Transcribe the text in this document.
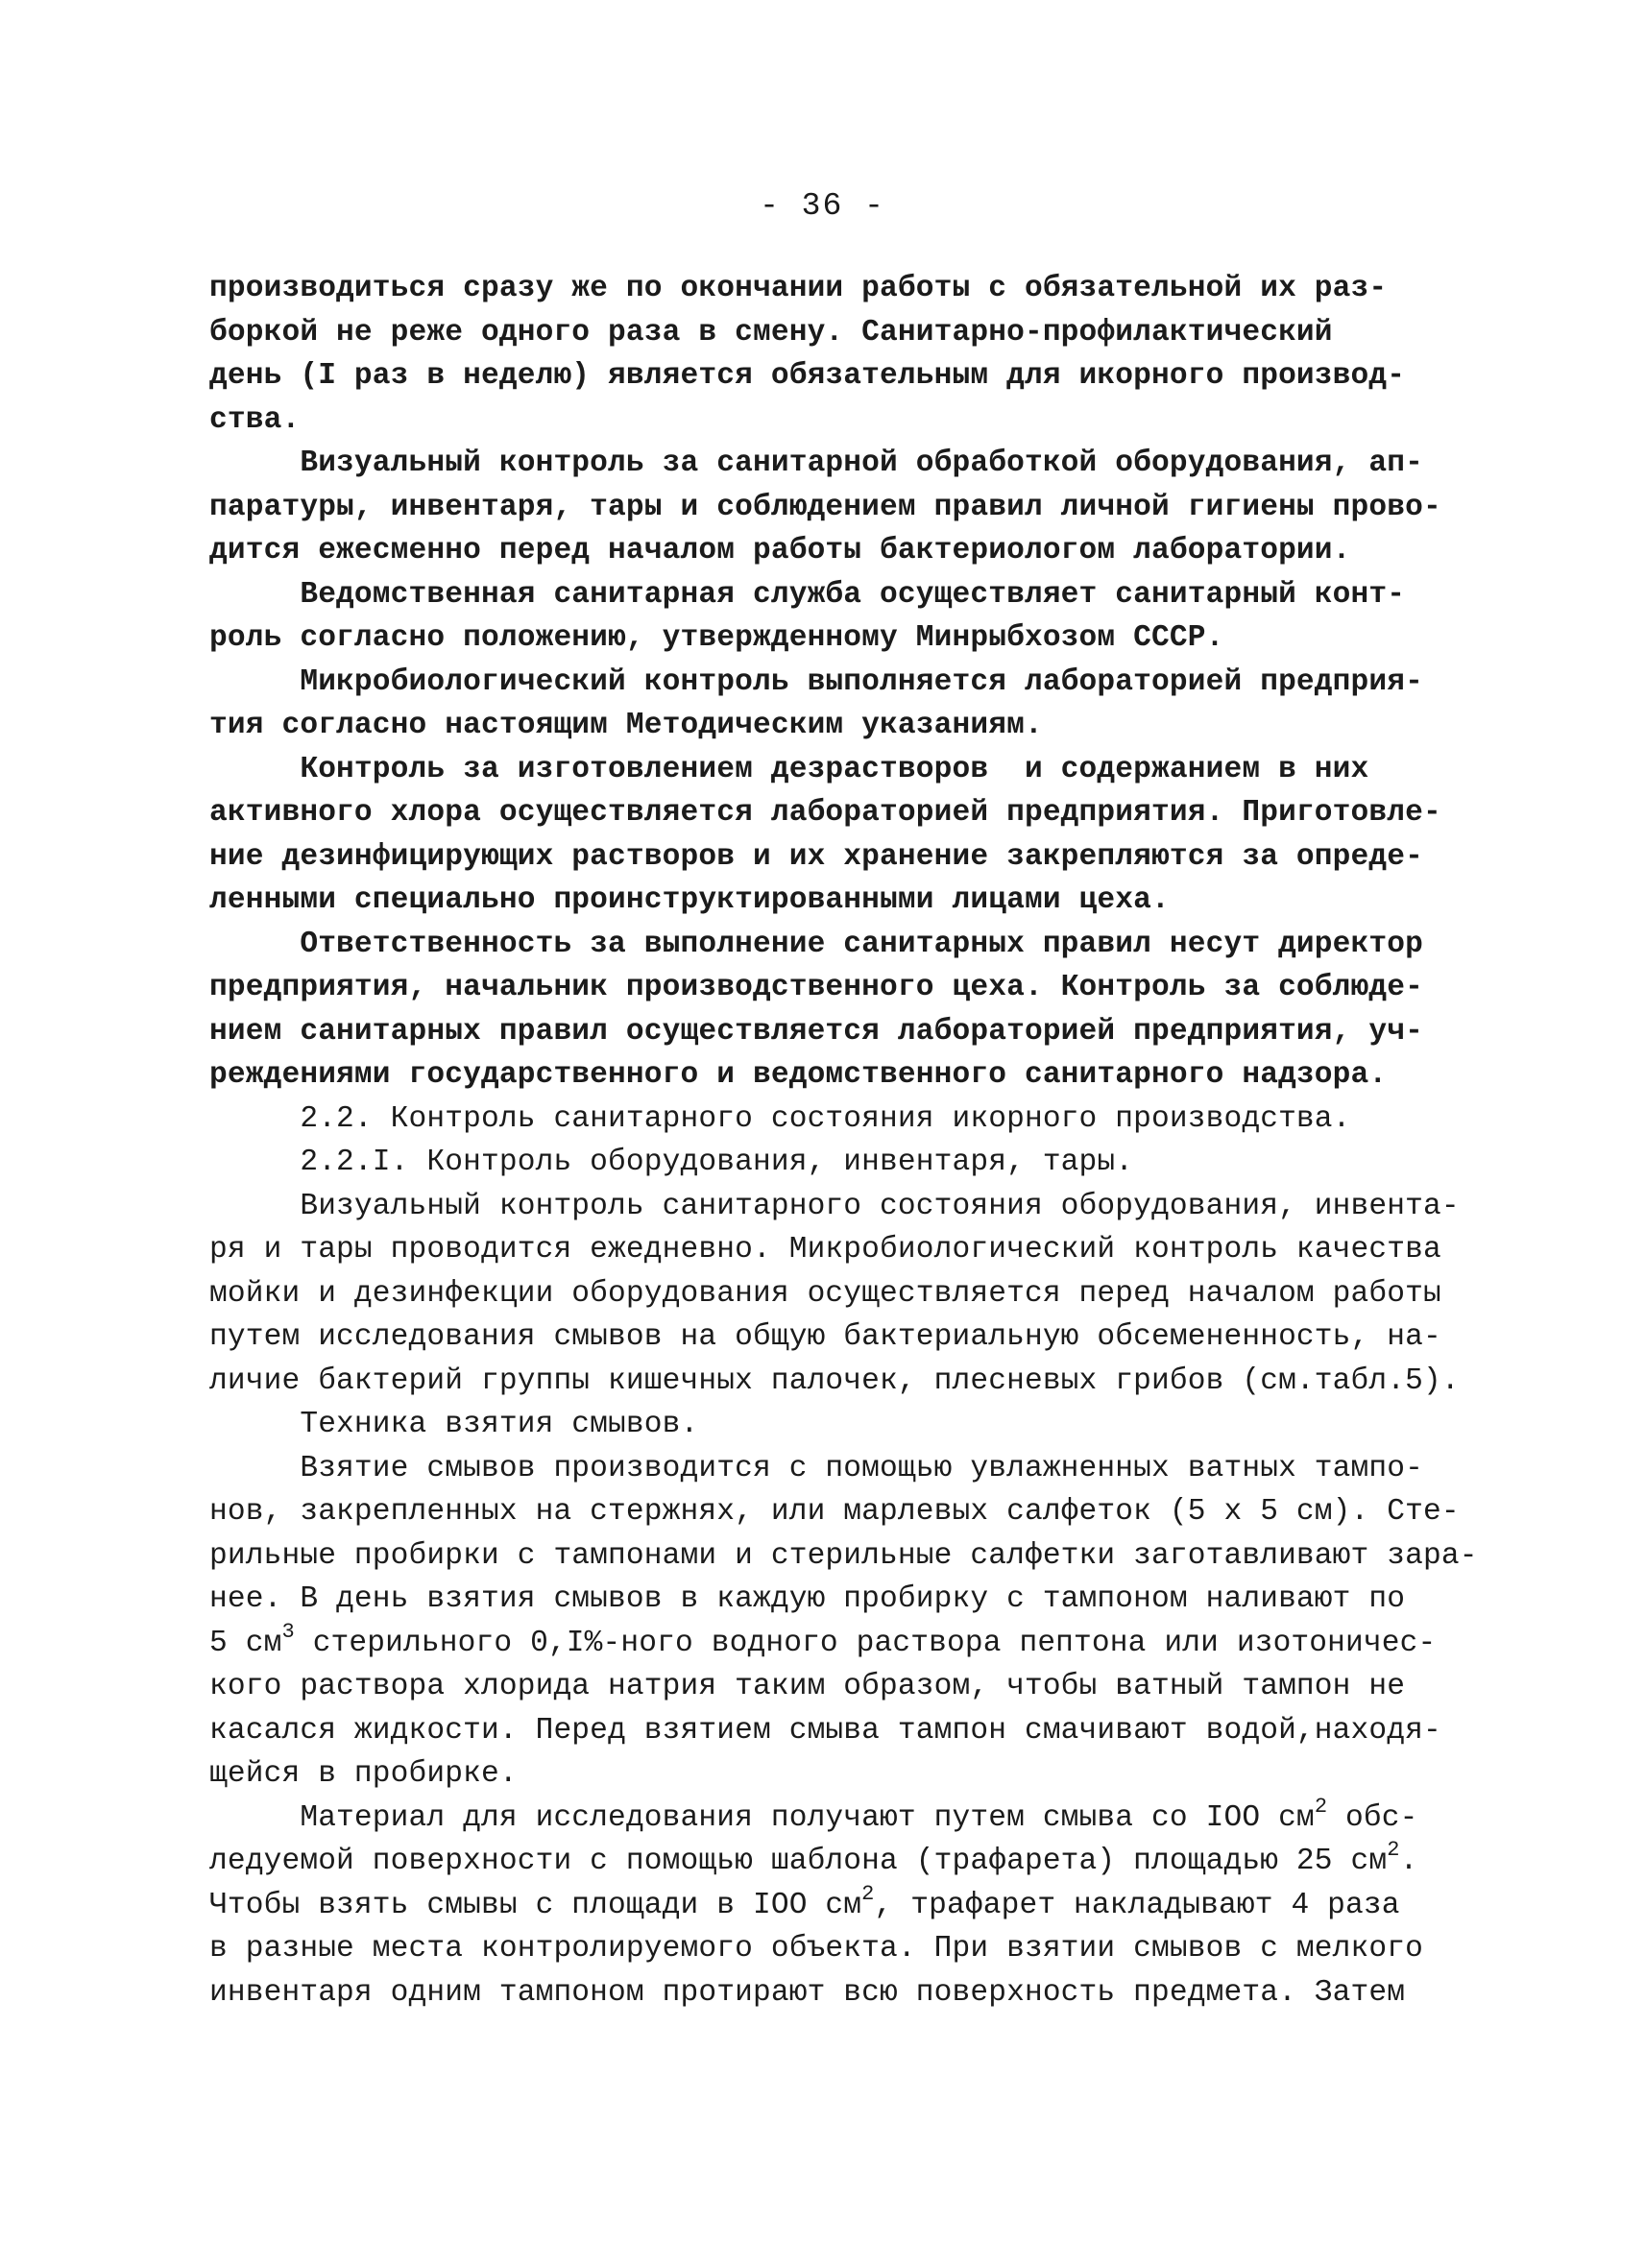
- 36 -
производиться сразу же по окончании работы с обязательной их раз-
боркой не реже одного раза в смену. Санитарно-профилактический
день (I раз в неделю) является обязательным для икорного производ-
ства.
Визуальный контроль за санитарной обработкой оборудования, ап-
паратуры, инвентаря, тары и соблюдением правил личной гигиены прово-
дится ежесменно перед началом работы бактериологом лаборатории.
Ведомственная санитарная служба осуществляет санитарный конт-
роль согласно положению, утвержденному Минрыбхозом СССР.
Микробиологический контроль выполняется лабораторией предприя-
тия согласно настоящим Методическим указаниям.
Контроль за изготовлением дезрастворов  и содержанием в них
активного хлора осуществляется лабораторией предприятия. Приготовле-
ние дезинфицирующих растворов и их хранение закрепляются за опреде-
ленными специально проинструктированными лицами цеха.
Ответственность за выполнение санитарных правил несут директор
предприятия, начальник производственного цеха. Контроль за соблюде-
нием санитарных правил осуществляется лабораторией предприятия, уч-
реждениями государственного и ведомственного санитарного надзора.
2.2. Контроль санитарного состояния икорного производства.
2.2.I. Контроль оборудования, инвентаря, тары.
Визуальный контроль санитарного состояния оборудования, инвента-
ря и тары проводится ежедневно. Микробиологический контроль качества
мойки и дезинфекции оборудования осуществляется перед началом работы
путем исследования смывов на общую бактериальную обсемененность, на-
личие бактерий группы кишечных палочек, плесневых грибов (см.табл.5).
Техника взятия смывов.
Взятие смывов производится с помощью увлажненных ватных тампо-
нов, закрепленных на стержнях, или марлевых салфеток (5 х 5 см). Сте-
рильные пробирки с тампонами и стерильные салфетки заготавливают зара-
нее. В день взятия смывов в каждую пробирку с тампоном наливают по
5 $см^3$ стерильного 0,I%-ного водного раствора пептона или изотоничес-
кого раствора хлорида натрия таким образом, чтобы ватный тампон не
касался жидкости. Перед взятием смыва тампон смачивают водой,находя-
щейся в пробирке.
Материал для исследования получают путем смыва со IOO $см^2$ обс-
ледуемой поверхности с помощью шаблона (трафарета) площадью 25 $см^2$.
Чтобы взять смывы с площади в IOO $см^2$, трафарет накладывают 4 раза
в разные места контролируемого объекта. При взятии смывов с мелкого
инвентаря одним тампоном протирают всю поверхность предмета. Затем
